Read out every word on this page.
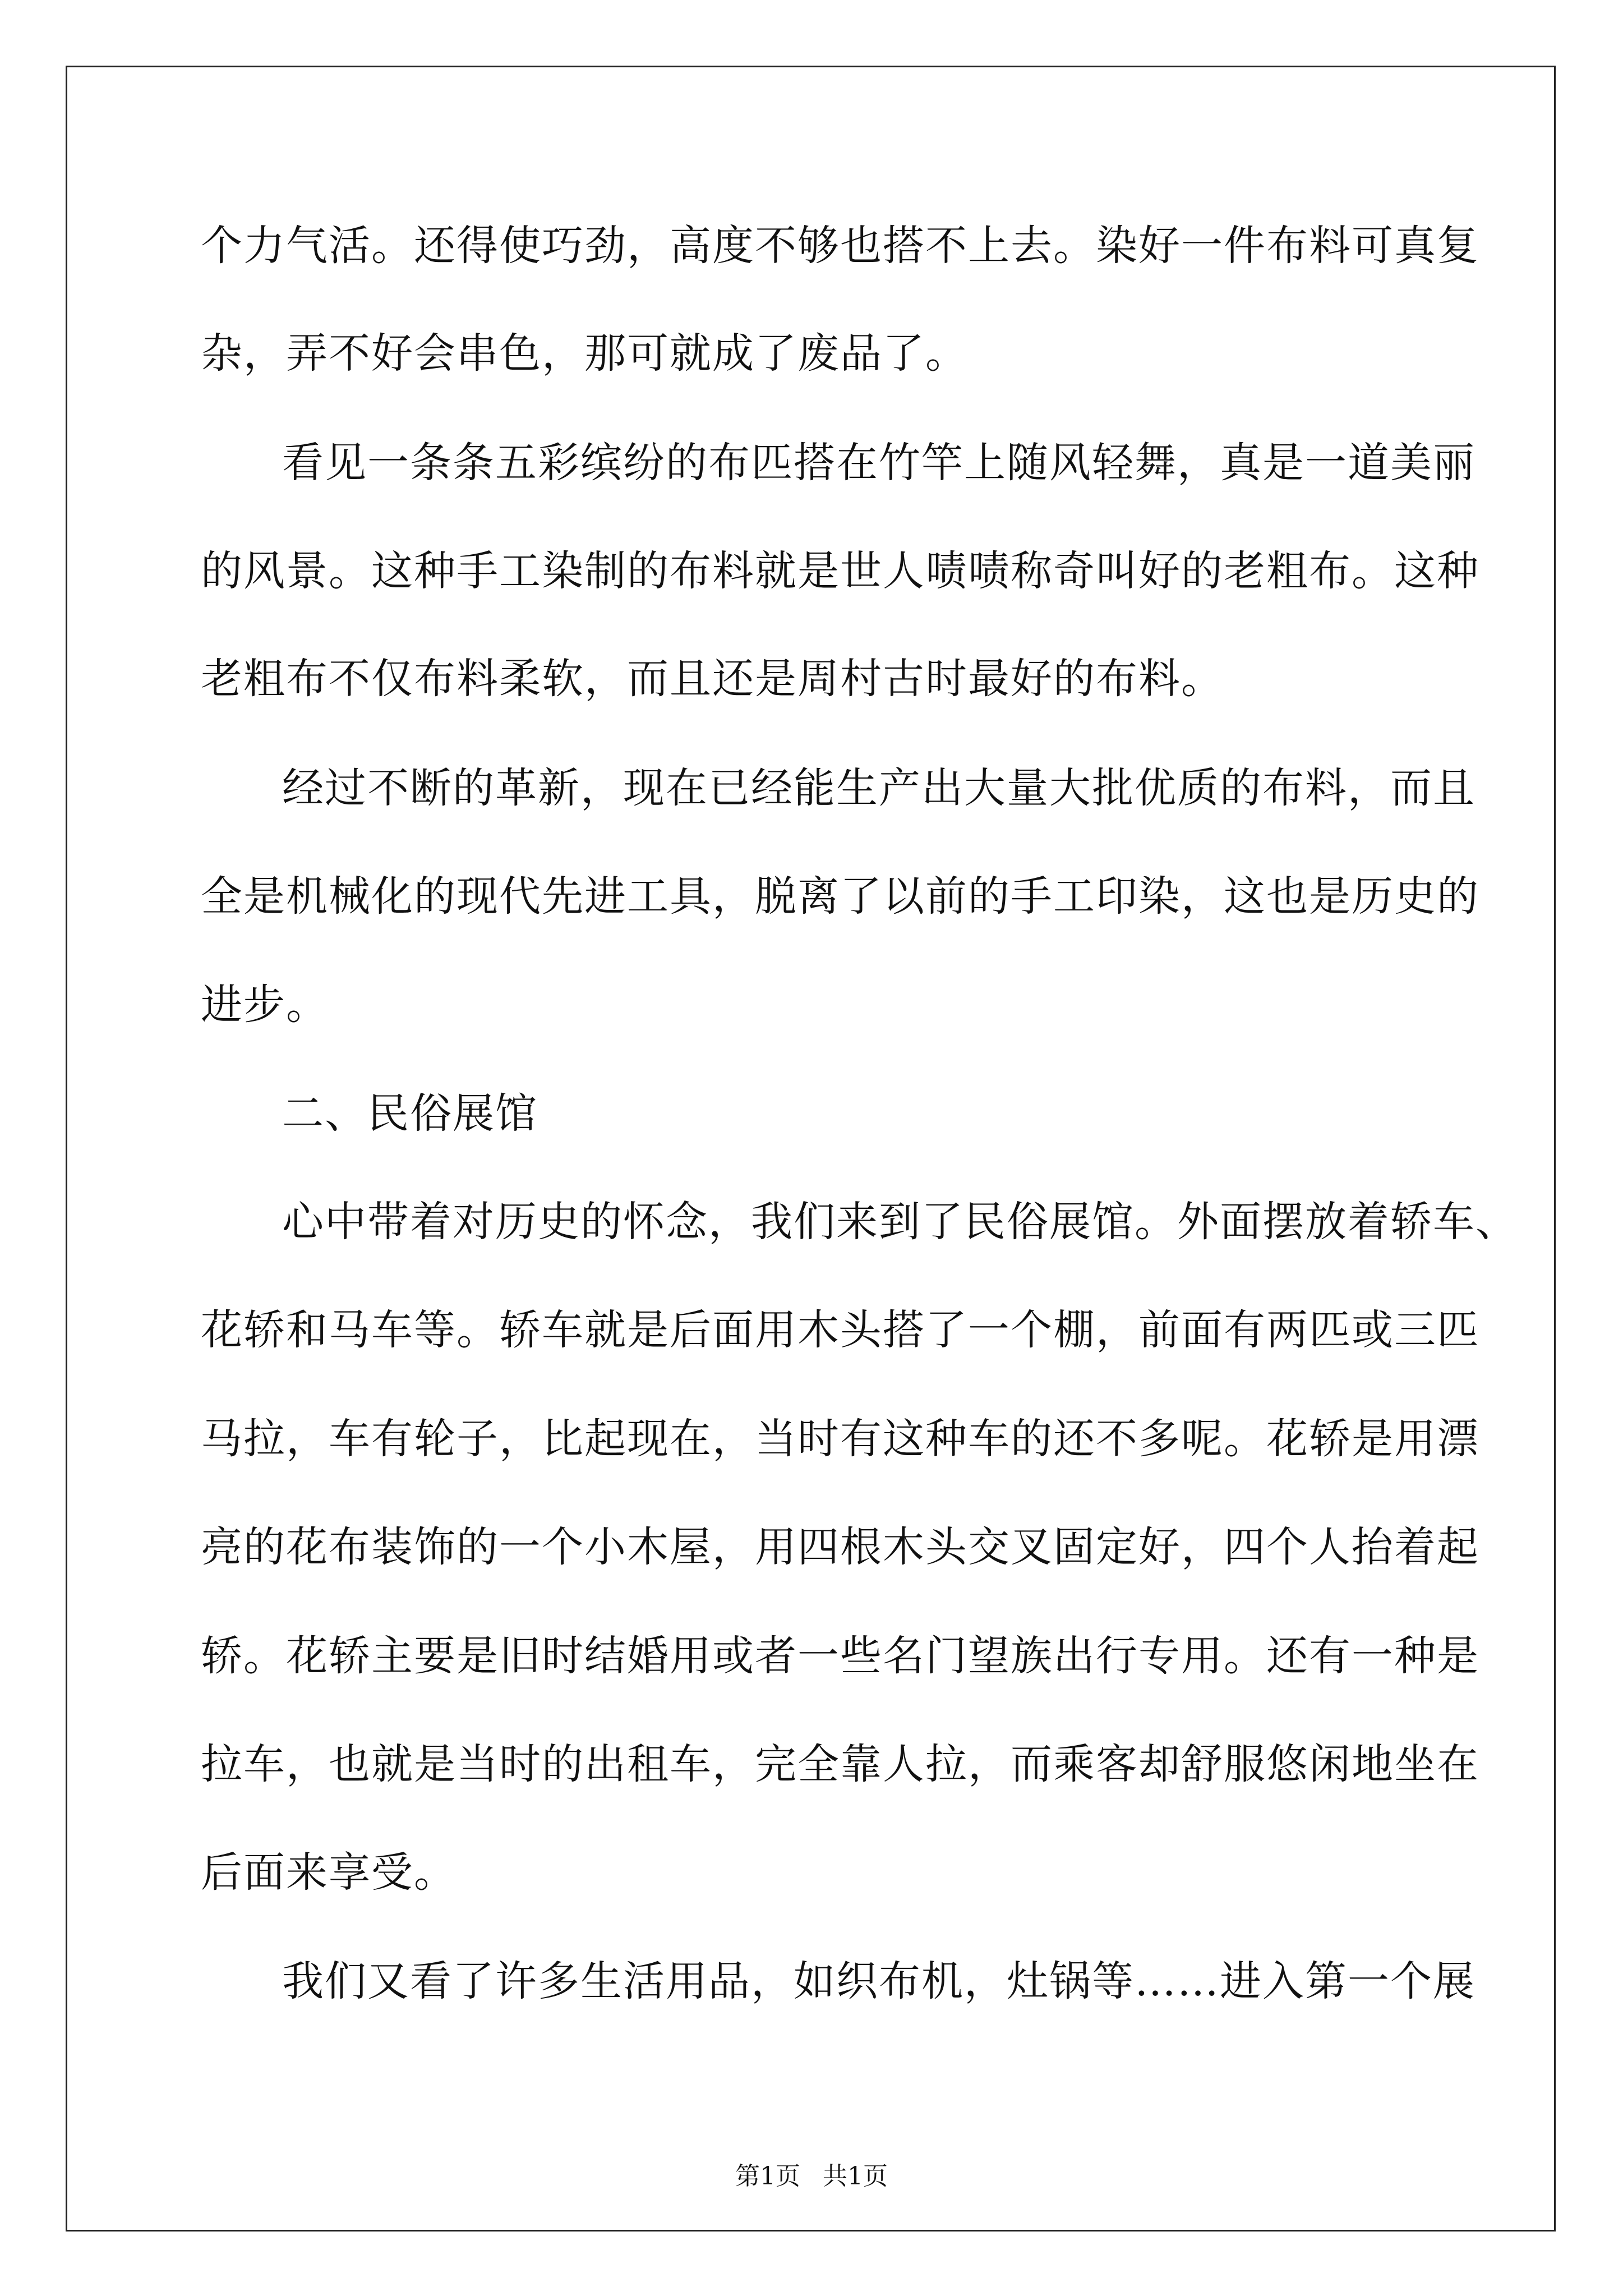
个力气活。还得使巧劲，高度不够也搭不上去。染好一件布料可真复
杂，弄不好会串色，那可就成了废品了。
看见一条条五彩缤纷的布匹搭在竹竿上随风轻舞，真是一道美丽
的风景。这种手工染制的布料就是世人啧啧称奇叫好的老粗布。这种
老粗布不仅布料柔软，而且还是周村古时最好的布料。
经过不断的革新，现在已经能生产出大量大批优质的布料，而且
全是机械化的现代先进工具，脱离了以前的手工印染，这也是历史的
进步。
二、民俗展馆
心中带着对历史的怀念，我们来到了民俗展馆。外面摆放着轿车、
花轿和马车等。轿车就是后面用木头搭了一个棚，前面有两匹或三匹
马拉，车有轮子，比起现在，当时有这种车的还不多呢。花轿是用漂
亮的花布装饰的一个小木屋，用四根木头交叉固定好，四个人抬着起
轿。花轿主要是旧时结婚用或者一些名门望族出行专用。还有一种是
拉车，也就是当时的出租车，完全靠人拉，而乘客却舒服悠闲地坐在
后面来享受。
我们又看了许多生活用品，如织布机，灶锅等……进入第一个展
第1页 共1页
